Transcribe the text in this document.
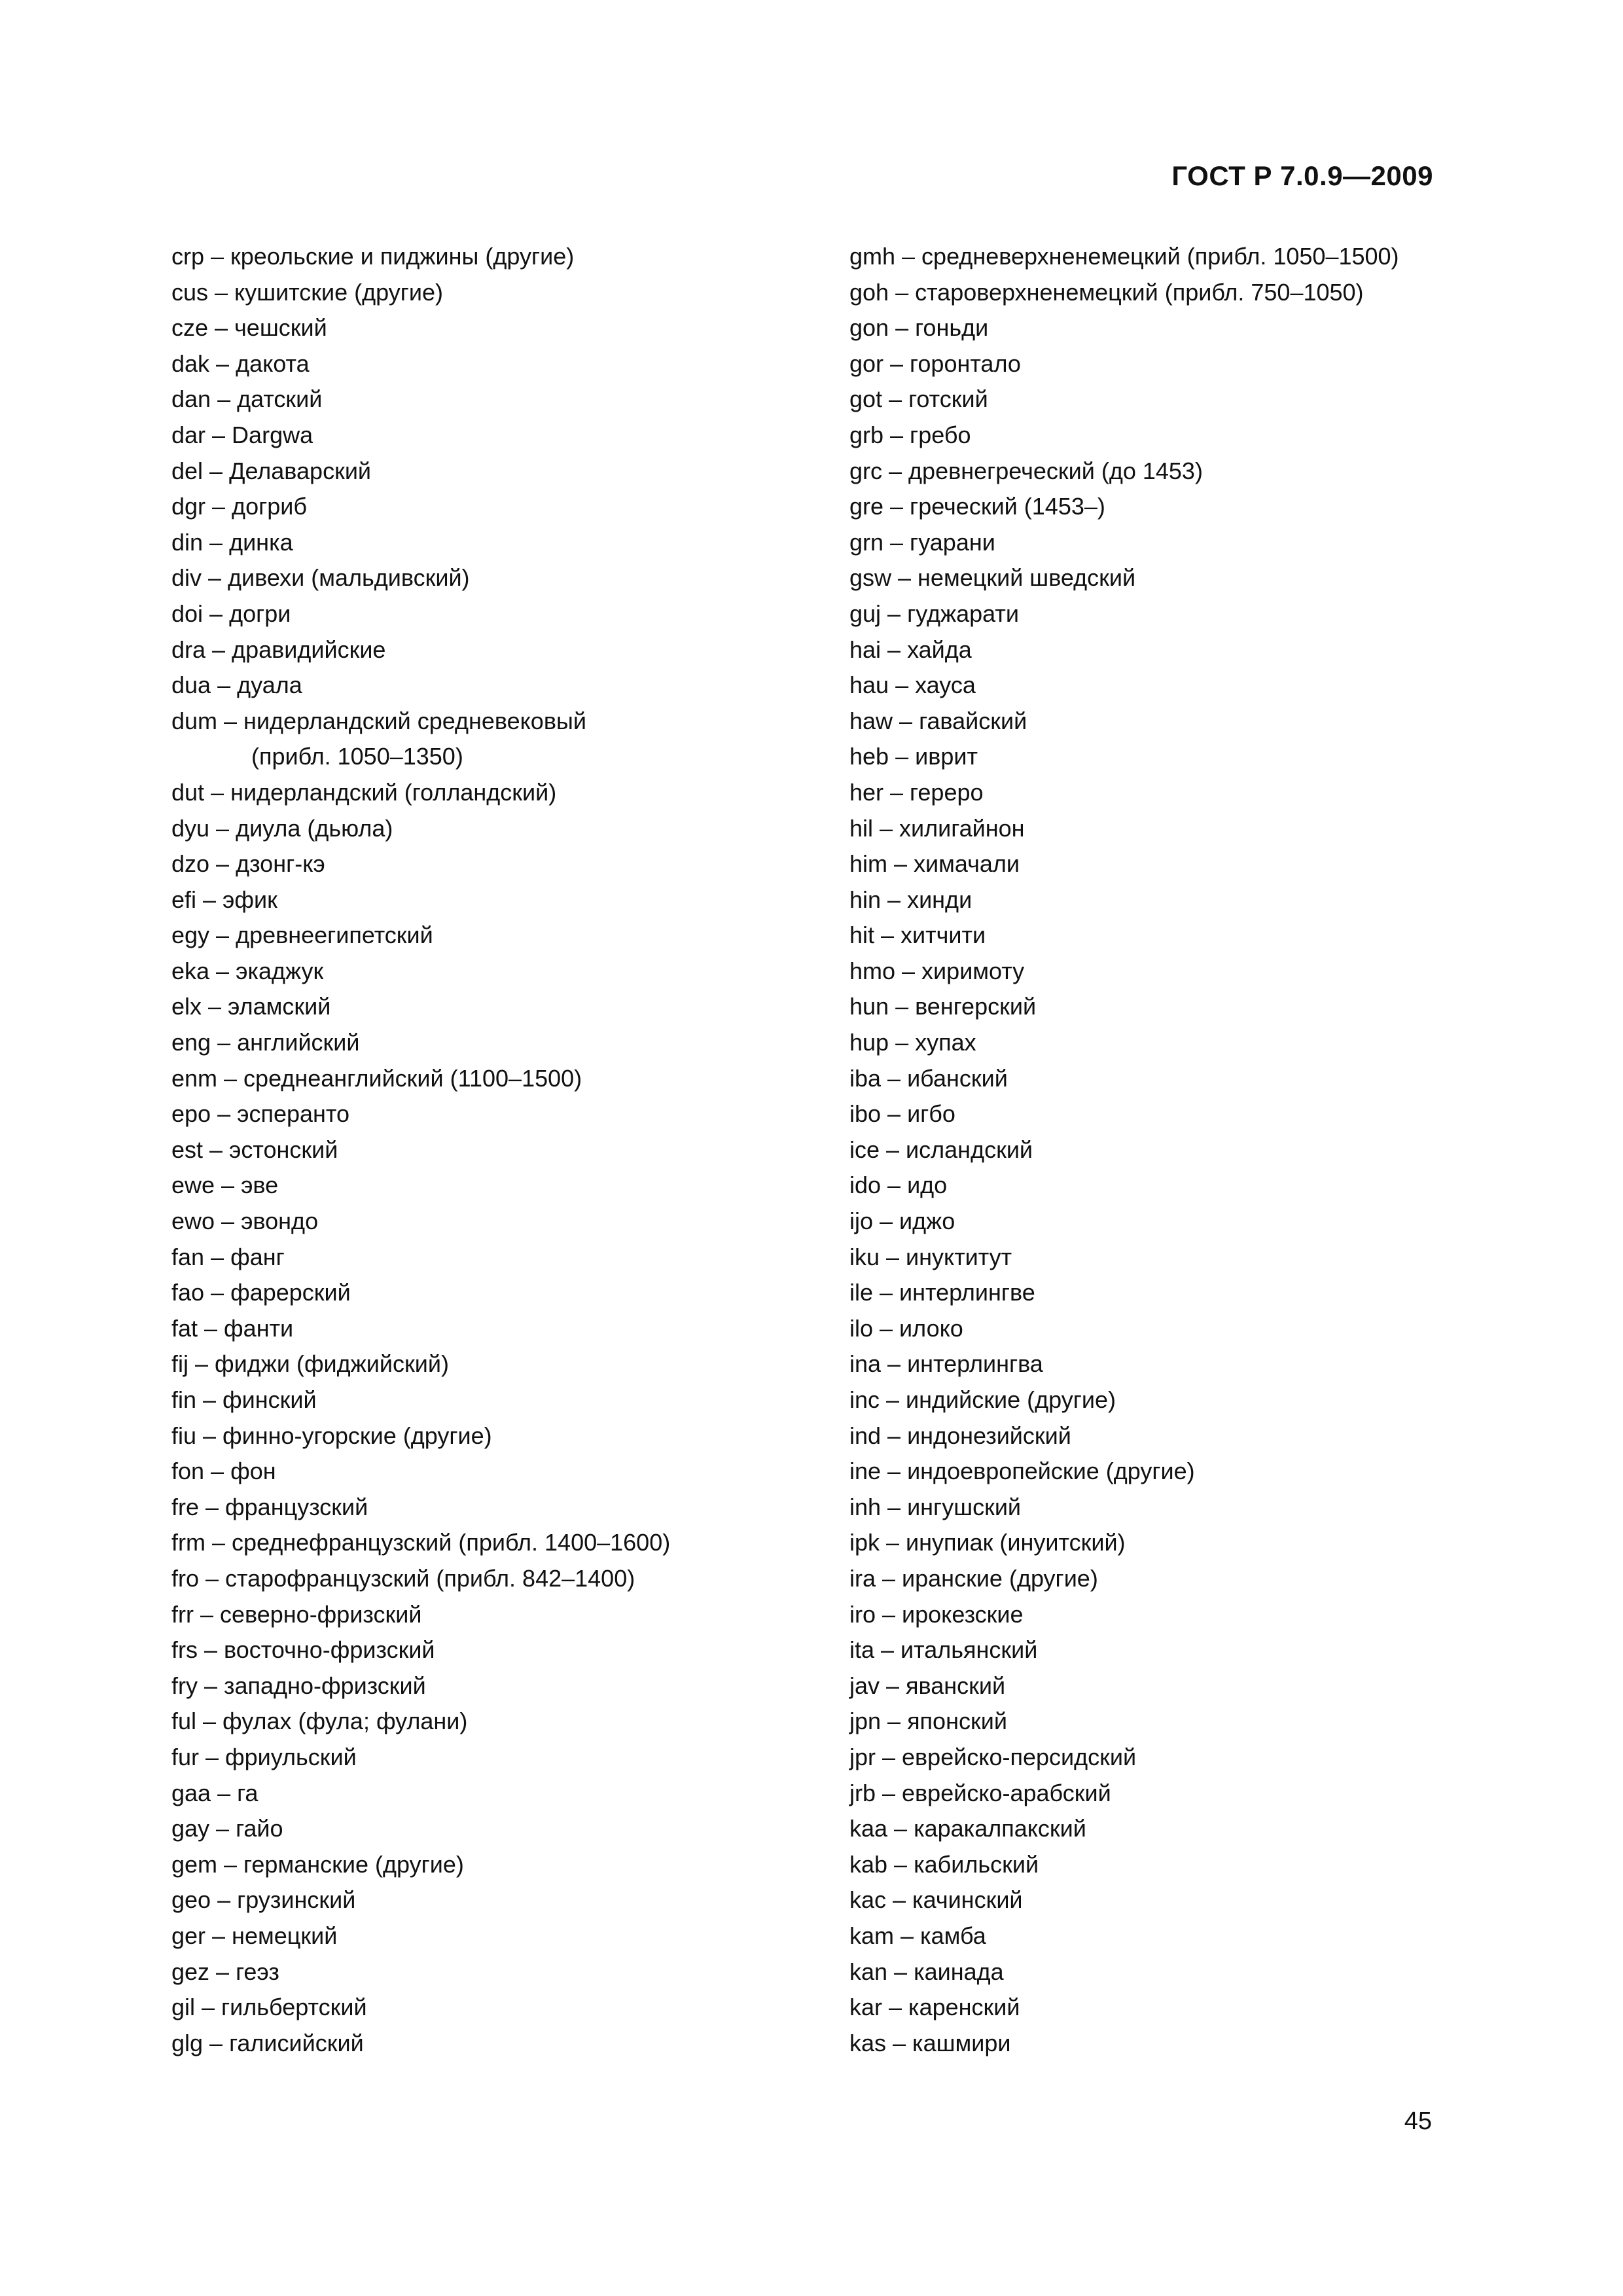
ГОСТ Р 7.0.9—2009
crp – креольские и пиджины (другие)
cus – кушитские (другие)
cze – чешский
dak – дакота
dan – датский
dar – Dargwa
del – Делаварский
dgr – догриб
din – динка
div – дивехи (мальдивский)
doi – догри
dra – дравидийские
dua – дуала
dum – нидерландский средневековый
(прибл. 1050–1350)
dut – нидерландский (голландский)
dyu – диула (дьюла)
dzo – дзонг-кэ
efi – эфик
egy – древнеегипетский
eka – экаджук
elx – эламский
eng – английский
enm – среднеанглийский (1100–1500)
epo – эсперанто
est – эстонский
ewe – эве
ewo – эвондо
fan – фанг
fao – фарерский
fat – фанти
fij – фиджи (фиджийский)
fin – финский
fiu – финно-угорские (другие)
fon – фон
fre – французский
frm – среднефранцузский (прибл. 1400–1600)
fro – старофранцузский (прибл. 842–1400)
frr – северно-фризский
frs – восточно-фризский
fry – западно-фризский
ful – фулах (фула; фулани)
fur – фриульский
gaa – га
gay – гайо
gem – германские (другие)
geo – грузинский
ger – немецкий
gez – геэз
gil – гильбертский
glg – галисийский
gmh – средневерхненемецкий (прибл. 1050–1500)
goh – староверхненемецкий (прибл. 750–1050)
gon – гоньди
gor – горонтало
got – готский
grb – гребо
grc – древнегреческий (до 1453)
gre – греческий (1453–)
grn – гуарани
gsw – немецкий шведский
guj – гуджарати
hai – хайда
hau – хауса
haw – гавайский
heb – иврит
her – гереро
hil – хилигайнон
him – химачали
hin – хинди
hit – хитчити
hmo – хиримоту
hun – венгерский
hup – хупах
iba – ибанский
ibo – игбо
ice – исландский
ido – идо
ijo – иджо
iku – инуктитут
ile – интерлингве
ilo – илоко
ina – интерлингва
inc – индийские (другие)
ind – индонезийский
ine – индоевропейские (другие)
inh – ингушский
ipk – инупиак (инуитский)
ira – иранские (другие)
iro – ирокезские
ita – итальянский
jav – яванский
jpn – японский
jpr – еврейско-персидский
jrb – еврейско-арабский
kaa – каракалпакский
kab – кабильский
kac – качинский
kam – камба
kan – каинада
kar – каренский
kas – кашмири
45
